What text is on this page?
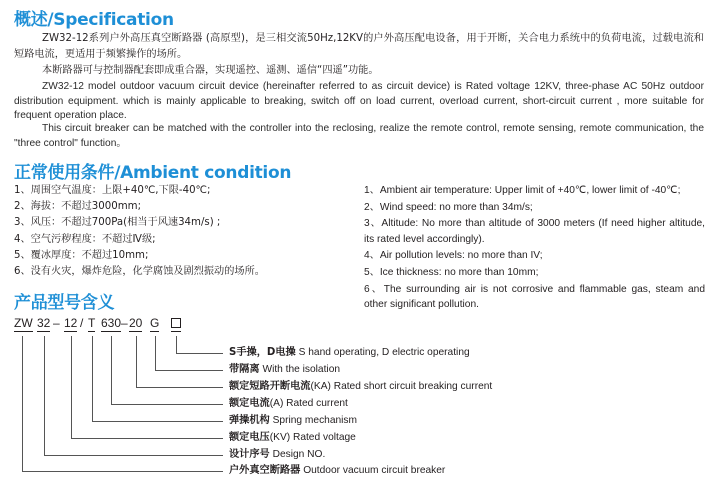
概述/Specification
ZW32-12系列户外高压真空断路器 (高原型)，是三相交流50Hz,12KV的户外高压配电设备，用于开断，关合电力系统中的负荷电流，过载电流和短路电流，更适用于频繁操作的场所。
本断路器可与控制器配套即成重合器，实现遥控、遥测、遥信“四遥”功能。
ZW32-12 model outdoor vacuum circuit device (hereinafter referred to as circuit device) is Rated voltage 12KV, three-phase AC 50Hz outdoor distribution equipment. which is mainly applicable to breaking, switch off on load current, overload current, short-circuit current , more suitable for frequent operation place.
This circuit breaker can be matched with the controller into the reclosing, realize the remote control, remote sensing, remote communication, the "three control" function。
正常使用条件/Ambient condition
1、周围空气温度：上限+40℃,下限-40℃;
2、海拔：不超过3000mm;
3、风压：不超过700Pa(相当于风速34m/s) ;
4、空气污秽程度：不超过Ⅳ级;
5、覆冰厚度：不超过10mm;
6、没有火灾，爆炸危险，化学腐蚀及剧烈振动的场所。
1、Ambient air temperature: Upper limit of +40℃, lower limit of -40℃;
2、Wind speed: no more than 34m/s;
3、Altitude: No more than altitude of 3000 meters (If need higher altitude, its rated level accordingly).
4、Air pollution levels: no more than IV;
5、Ice thickness: no more than 10mm;
6、The surrounding air is not corrosive and flammable gas, steam and other significant pollution.
产品型号含义
ZW 32 – 12 / T 630 – 20 G
S手操，D电操 S hand operating, D electric operating
带隔离 With the isolation
额定短路开断电流(KA) Rated short circuit breaking current
额定电流(A) Rated current
弹操机构 Spring mechanism
额定电压(KV) Rated voltage
设计序号 Design NO.
户外真空断路器 Outdoor vacuum circuit breaker
